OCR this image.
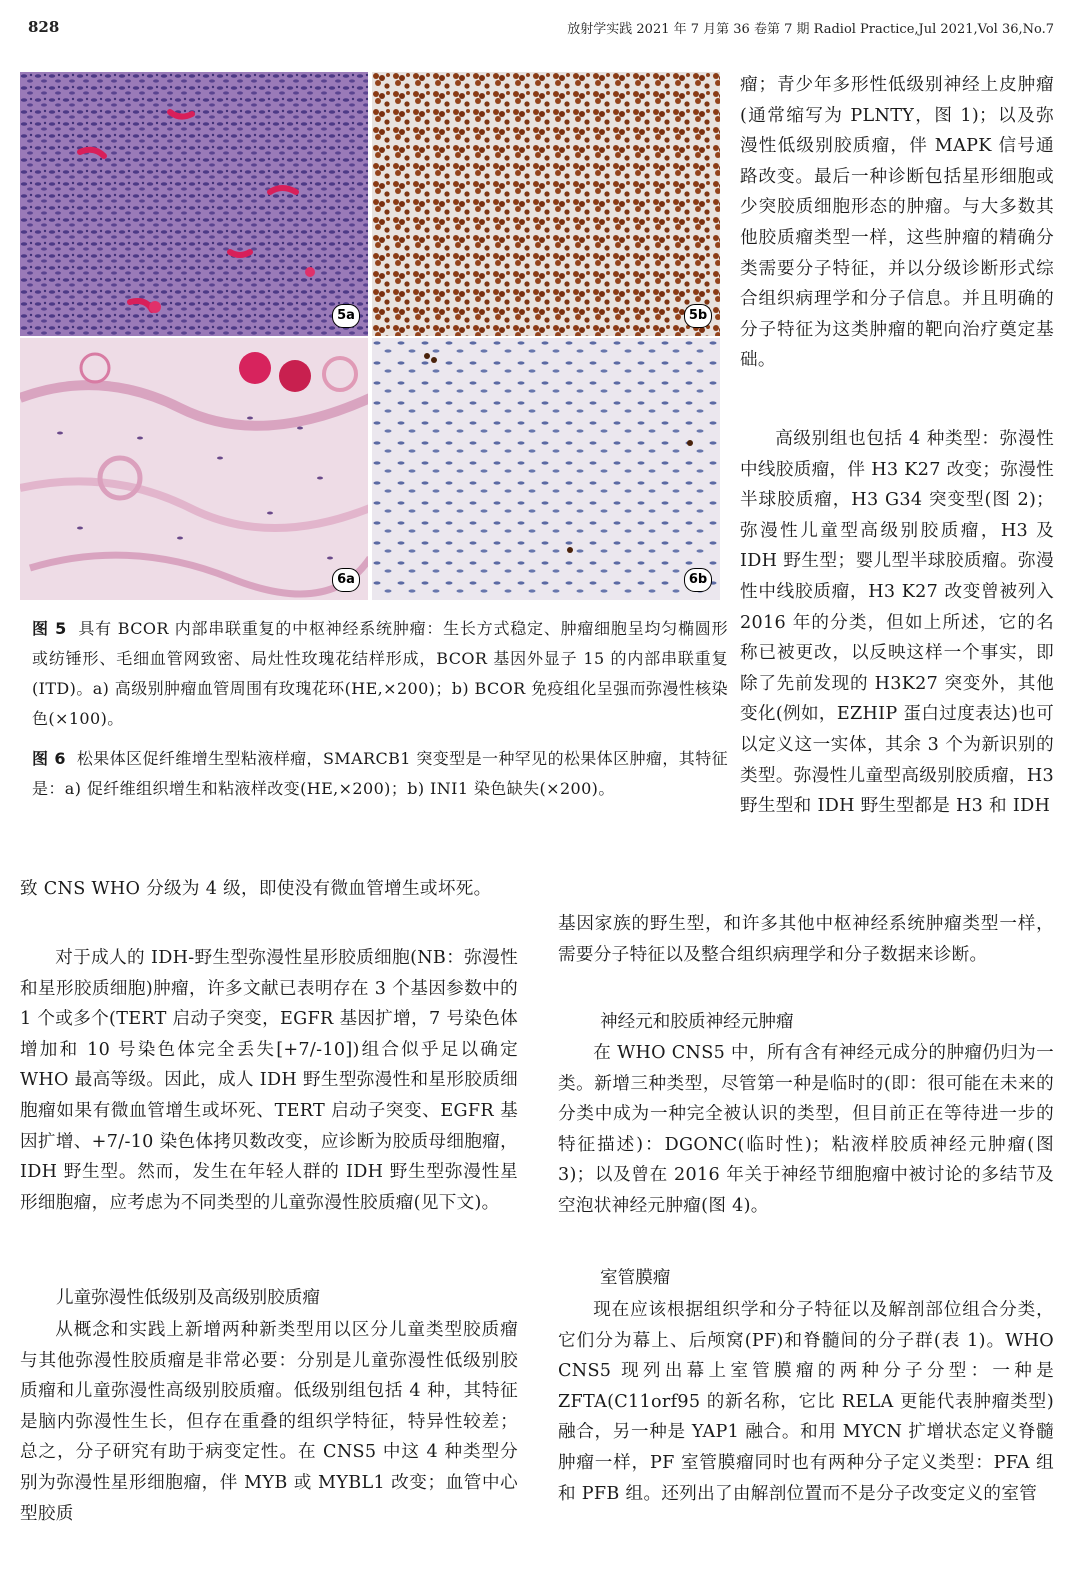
828	放射学实践 2021 年 7 月第 36 卷第 7 期 Radiol Practice,Jul 2021,Vol 36,No.7
5a	5b
6a	6b
图 5 具有 BCOR 内部串联重复的中枢神经系统肿瘤：生长方式稳定、肿瘤细胞呈均匀椭圆形或纺锤形、毛细血管网致密、局灶性玫瑰花结样形成，BCOR 基因外显子 15 的内部串联重复(ITD)。a) 高级别肿瘤血管周围有玫瑰花环(HE,×200)；b) BCOR 免疫组化呈强而弥漫性核染色(×100)。
图 6 松果体区促纤维增生型粘液样瘤，SMARCB1 突变型是一种罕见的松果体区肿瘤，其特征是：a) 促纤维组织增生和粘液样改变(HE,×200)；b) INI1 染色缺失(×200)。

瘤；青少年多形性低级别神经上皮肿瘤(通常缩写为 PLNTY，图 1)；以及弥漫性低级别胶质瘤，伴 MAPK 信号通路改变。最后一种诊断包括星形细胞或少突胶质细胞形态的肿瘤。与大多数其他胶质瘤类型一样，这些肿瘤的精确分类需要分子特征，并以分级诊断形式综合组织病理学和分子信息。并且明确的分子特征为这类肿瘤的靶向治疗奠定基础。

高级别组也包括 4 种类型：弥漫性中线胶质瘤，伴 H3 K27 改变；弥漫性半球胶质瘤，H3 G34 突变型(图 2)；弥漫性儿童型高级别胶质瘤，H3 及 IDH 野生型；婴儿型半球胶质瘤。弥漫性中线胶质瘤，H3 K27 改变曾被列入 2016 年的分类，但如上所述，它的名称已被更改，以反映这样一个事实，即除了先前发现的 H3K27 突变外，其他变化(例如，EZHIP 蛋白过度表达)也可以定义这一实体，其余 3 个为新识别的类型。弥漫性儿童型高级别胶质瘤，H3 野生型和 IDH 野生型都是 H3 和 IDH

致 CNS WHO 分级为 4 级，即使没有微血管增生或坏死。

对于成人的 IDH-野生型弥漫性星形胶质细胞(NB：弥漫性和星形胶质细胞)肿瘤，许多文献已表明存在 3 个基因参数中的 1 个或多个(TERT 启动子突变，EGFR 基因扩增，7 号染色体增加和 10 号染色体完全丢失[+7/-10])组合似乎足以确定 WHO 最高等级。因此，成人 IDH 野生型弥漫性和星形胶质细胞瘤如果有微血管增生或坏死、TERT 启动子突变、EGFR 基因扩增、+7/-10 染色体拷贝数改变，应诊断为胶质母细胞瘤，IDH 野生型。然而，发生在年轻人群的 IDH 野生型弥漫性星形细胞瘤，应考虑为不同类型的儿童弥漫性胶质瘤(见下文)。

儿童弥漫性低级别及高级别胶质瘤

从概念和实践上新增两种新类型用以区分儿童类型胶质瘤与其他弥漫性胶质瘤是非常必要：分别是儿童弥漫性低级别胶质瘤和儿童弥漫性高级别胶质瘤。低级别组包括 4 种，其特征是脑内弥漫性生长，但存在重叠的组织学特征，特异性较差；总之，分子研究有助于病变定性。在 CNS5 中这 4 种类型分别为弥漫性星形细胞瘤，伴 MYB 或 MYBL1 改变；血管中心型胶质

基因家族的野生型，和许多其他中枢神经系统肿瘤类型一样，需要分子特征以及整合组织病理学和分子数据来诊断。

神经元和胶质神经元肿瘤

在 WHO CNS5 中，所有含有神经元成分的肿瘤仍归为一类。新增三种类型，尽管第一种是临时的(即：很可能在未来的分类中成为一种完全被认识的类型，但目前正在等待进一步的特征描述)：DGONC(临时性)；粘液样胶质神经元肿瘤(图 3)；以及曾在 2016 年关于神经节细胞瘤中被讨论的多结节及空泡状神经元肿瘤(图 4)。

室管膜瘤

现在应该根据组织学和分子特征以及解剖部位组合分类，它们分为幕上、后颅窝(PF)和脊髓间的分子群(表 1)。WHO CNS5 现列出幕上室管膜瘤的两种分子分型：一种是 ZFTA(C11orf95 的新名称，它比 RELA 更能代表肿瘤类型)融合，另一种是 YAP1 融合。和用 MYCN 扩增状态定义脊髓肿瘤一样，PF 室管膜瘤同时也有两种分子定义类型：PFA 组和 PFB 组。还列出了由解剖位置而不是分子改变定义的室管
